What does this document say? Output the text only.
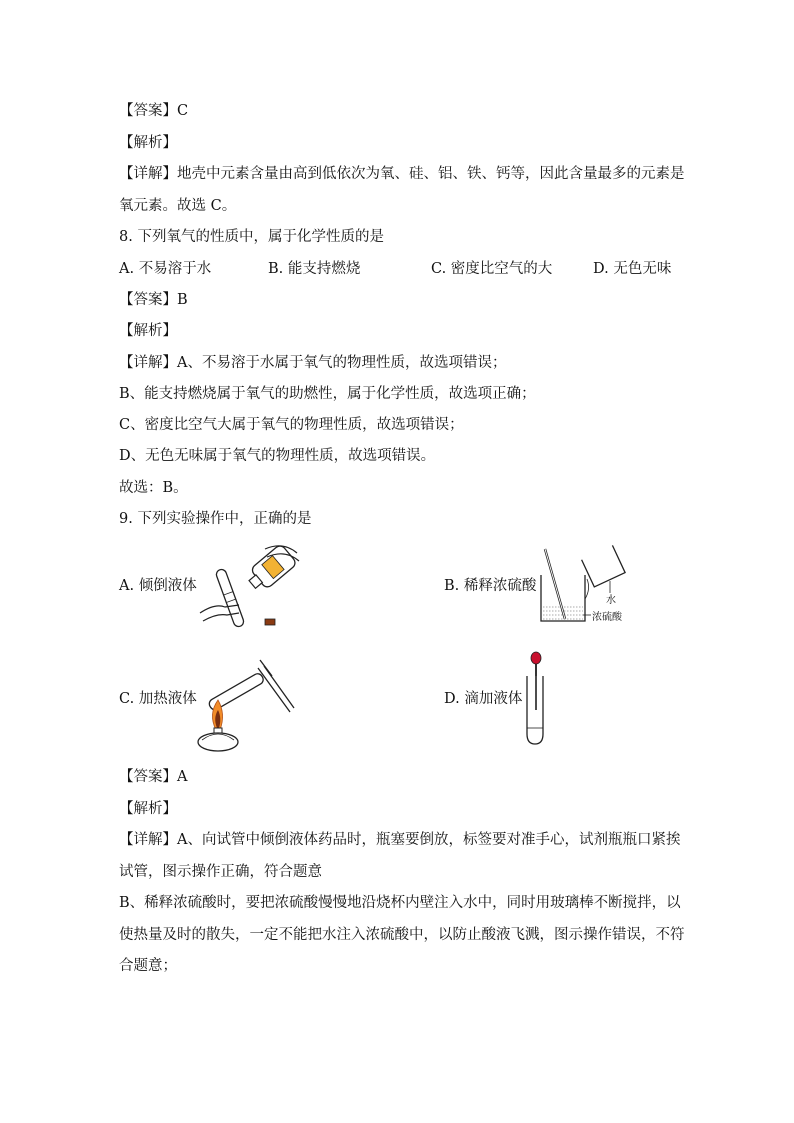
【答案】C
【解析】
【详解】地壳中元素含量由高到低依次为氧、硅、铝、铁、钙等，因此含量最多的元素是
氧元素。故选 C。
8. 下列氧气的性质中，属于化学性质的是
A. 不易溶于水	B. 能支持燃烧	C. 密度比空气的大	D. 无色无味
【答案】B
【解析】
【详解】A、不易溶于水属于氧气的物理性质，故选项错误；
B、能支持燃烧属于氧气的助燃性，属于化学性质，故选项正确；
C、密度比空气大属于氧气的物理性质，故选项错误；
D、无色无味属于氧气的物理性质，故选项错误。
故选：B。
9. 下列实验操作中，正确的是
A. 倾倒液体	B. 稀释浓硫酸
水
浓硫酸
C. 加热液体	D. 滴加液体
【答案】A
【解析】
【详解】A、向试管中倾倒液体药品时，瓶塞要倒放，标签要对准手心，试剂瓶瓶口紧挨
试管，图示操作正确，符合题意
B、稀释浓硫酸时，要把浓硫酸慢慢地沿烧杯内壁注入水中，同时用玻璃棒不断搅拌，以
使热量及时的散失，一定不能把水注入浓硫酸中，以防止酸液飞溅，图示操作错误，不符
合题意；
